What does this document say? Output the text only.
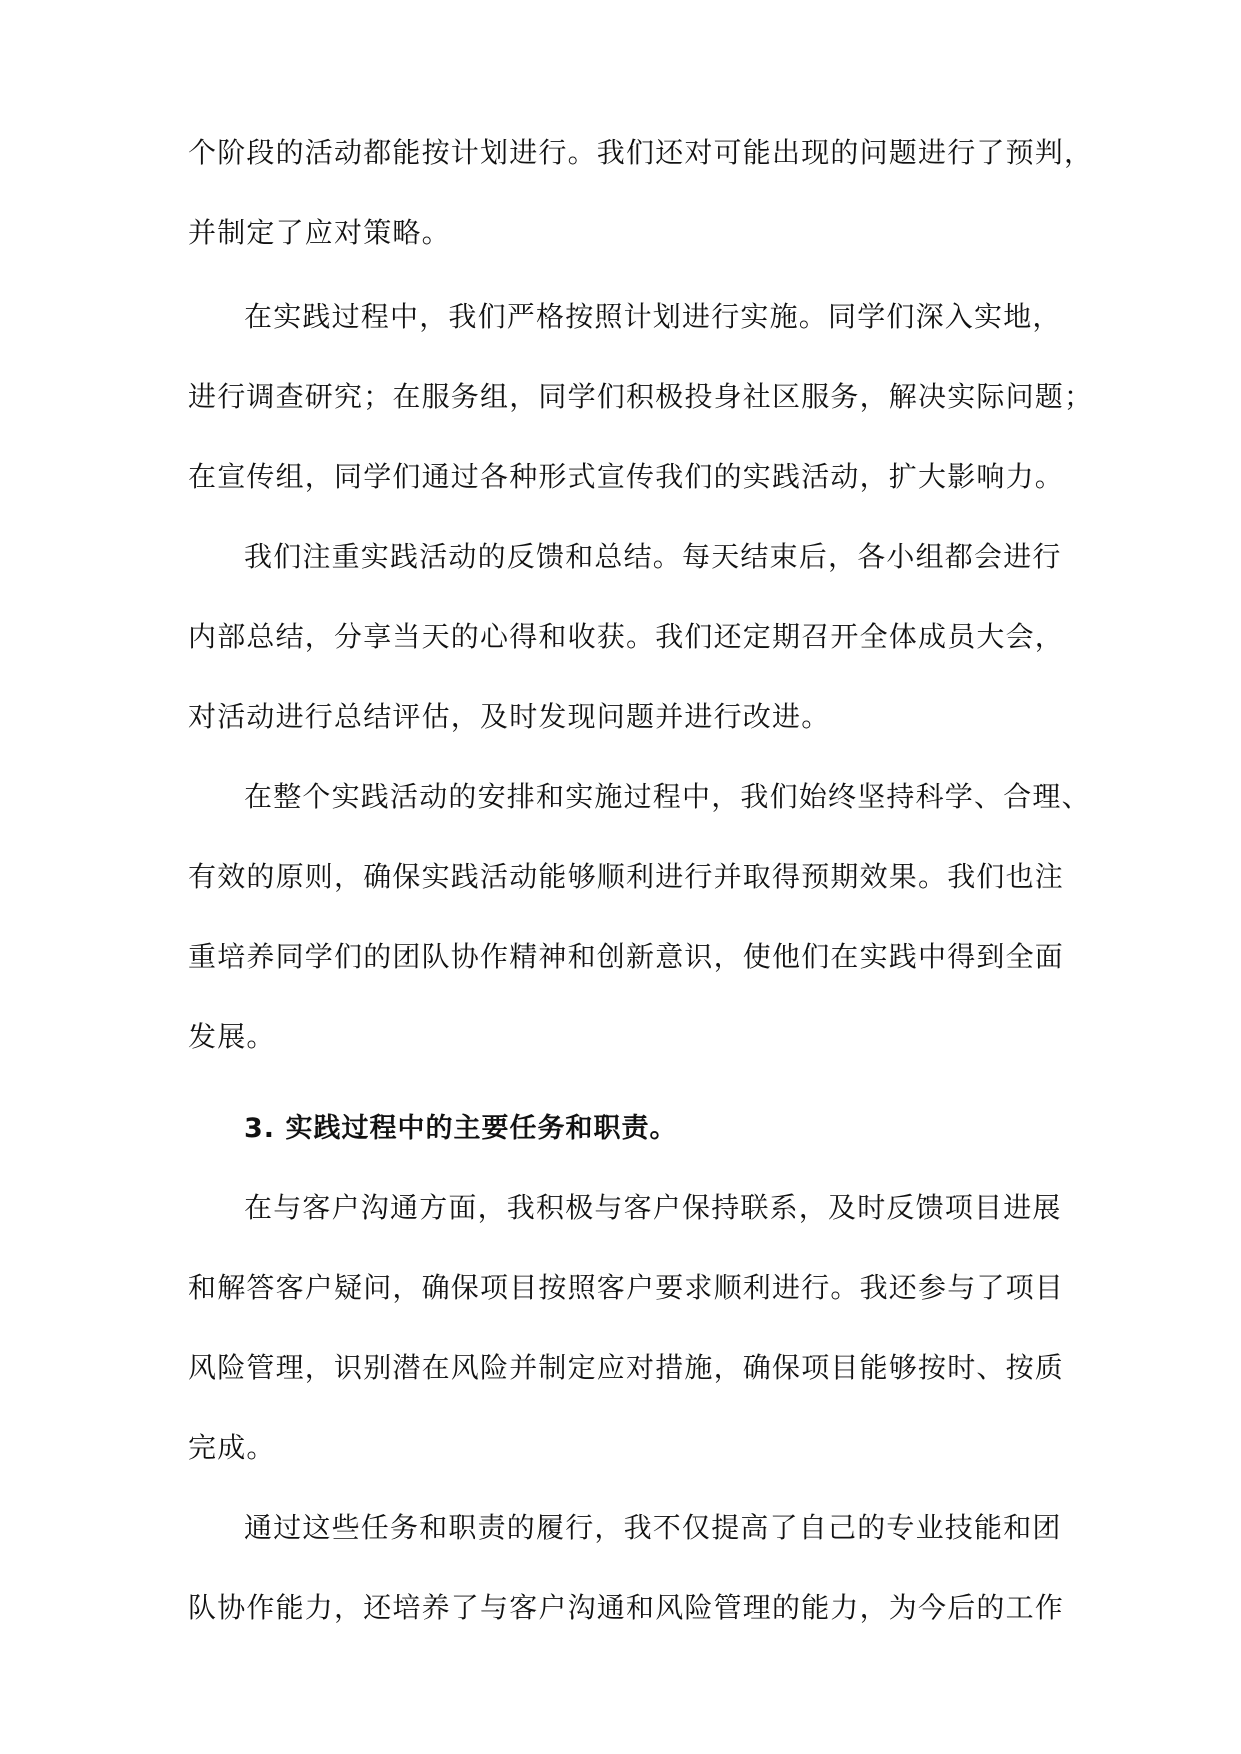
个阶段的活动都能按计划进行。我们还对可能出现的问题进行了预判，
并制定了应对策略。
在实践过程中，我们严格按照计划进行实施。同学们深入实地，
进行调查研究；在服务组，同学们积极投身社区服务，解决实际问题；
在宣传组，同学们通过各种形式宣传我们的实践活动，扩大影响力。
我们注重实践活动的反馈和总结。每天结束后，各小组都会进行
内部总结，分享当天的心得和收获。我们还定期召开全体成员大会，
对活动进行总结评估，及时发现问题并进行改进。
在整个实践活动的安排和实施过程中，我们始终坚持科学、合理、
有效的原则，确保实践活动能够顺利进行并取得预期效果。我们也注
重培养同学们的团队协作精神和创新意识，使他们在实践中得到全面
发展。
3. 实践过程中的主要任务和职责。
在与客户沟通方面，我积极与客户保持联系，及时反馈项目进展
和解答客户疑问，确保项目按照客户要求顺利进行。我还参与了项目
风险管理，识别潜在风险并制定应对措施，确保项目能够按时、按质
完成。
通过这些任务和职责的履行，我不仅提高了自己的专业技能和团
队协作能力，还培养了与客户沟通和风险管理的能力，为今后的工作
